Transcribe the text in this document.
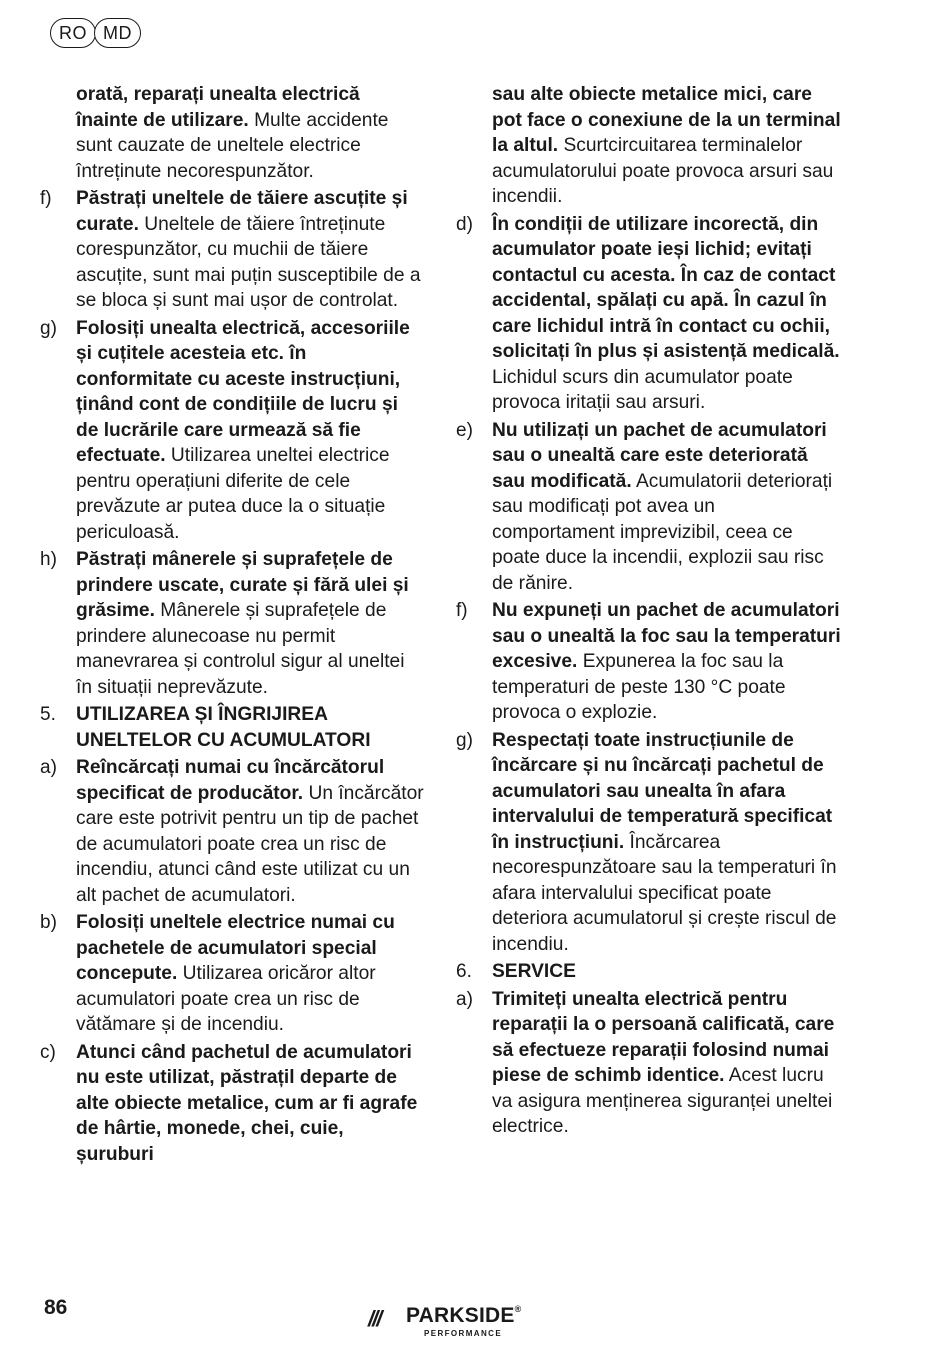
RO MD
orată, reparați unealta electrică înainte de utilizare. Multe accidente sunt cauzate de uneltele electrice întreținute necorespunzător.
f)	Păstrați uneltele de tăiere ascuțite și curate. Uneltele de tăiere întreținute corespunzător, cu muchii de tăiere ascuțite, sunt mai puțin susceptibile de a se bloca și sunt mai ușor de controlat.
g) Folosiți unealta electrică, accesoriile și cuțitele acesteia etc. în conformitate cu aceste instrucțiuni, ținând cont de condițiile de lucru și de lucrările care urmează să fie efectuate. Utilizarea uneltei electrice pentru operațiuni diferite de cele prevăzute ar putea duce la o situație periculoasă.
h) Păstrați mânerele și suprafețele de prindere uscate, curate și fără ulei și grăsime. Mânerele și suprafețele de prindere alunecoase nu permit manevrarea și controlul sigur al uneltei în situații neprevăzute.
5.	UTILIZAREA ȘI ÎNGRIJIREA UNELTELOR CU ACUMULATORI
a) Reîncărcați numai cu încărcătorul specificat de producător. Un încărcător care este potrivit pentru un tip de pachet de acumulatori poate crea un risc de incendiu, atunci când este utilizat cu un alt pachet de acumulatori.
b) Folosiți uneltele electrice numai cu pachetele de acumulatori special concepute. Utilizarea oricăror altor acumulatori poate crea un risc de vătămare și de incendiu.
c)	Atunci când pachetul de acumulatori nu este utilizat, păstrațil departe de alte obiecte metalice, cum ar fi agrafe de hârtie, monede, chei, cuie, șuruburi
sau alte obiecte metalice mici, care pot face o conexiune de la un terminal la altul. Scurtcircuitarea terminalelor acumulatorului poate provoca arsuri sau incendii.
d) În condiții de utilizare incorectă, din acumulator poate ieși lichid; evitați contactul cu acesta. În caz de contact accidental, spălați cu apă. În cazul în care lichidul intră în contact cu ochii, solicitați în plus și asistență medicală. Lichidul scurs din acumulator poate provoca iritații sau arsuri.
e) Nu utilizați un pachet de acumulatori sau o unealtă care este deteriorată sau modificată. Acumulatorii deteriorați sau modificați pot avea un comportament imprevizibil, ceea ce poate duce la incendii, explozii sau risc de rănire.
f)	Nu expuneți un pachet de acumulatori sau o unealtă la foc sau la temperaturi excesive. Expunerea la foc sau la temperaturi de peste 130 °C poate provoca o explozie.
g) Respectați toate instrucțiunile de încărcare și nu încărcați pachetul de acumulatori sau unealta în afara intervalului de temperatură specificat în instrucțiuni. Încărcarea necorespunzătoare sau la temperaturi în afara intervalului specificat poate deteriora acumulatorul și crește riscul de incendiu.
6.	SERVICE
a) Trimiteți unealta electrică pentru reparații la o persoană calificată, care să efectueze reparații folosind numai piese de schimb identice. Acest lucru va asigura menținerea siguranței uneltei electrice.
86	/// PARKSIDE®
PERFORMANCE
